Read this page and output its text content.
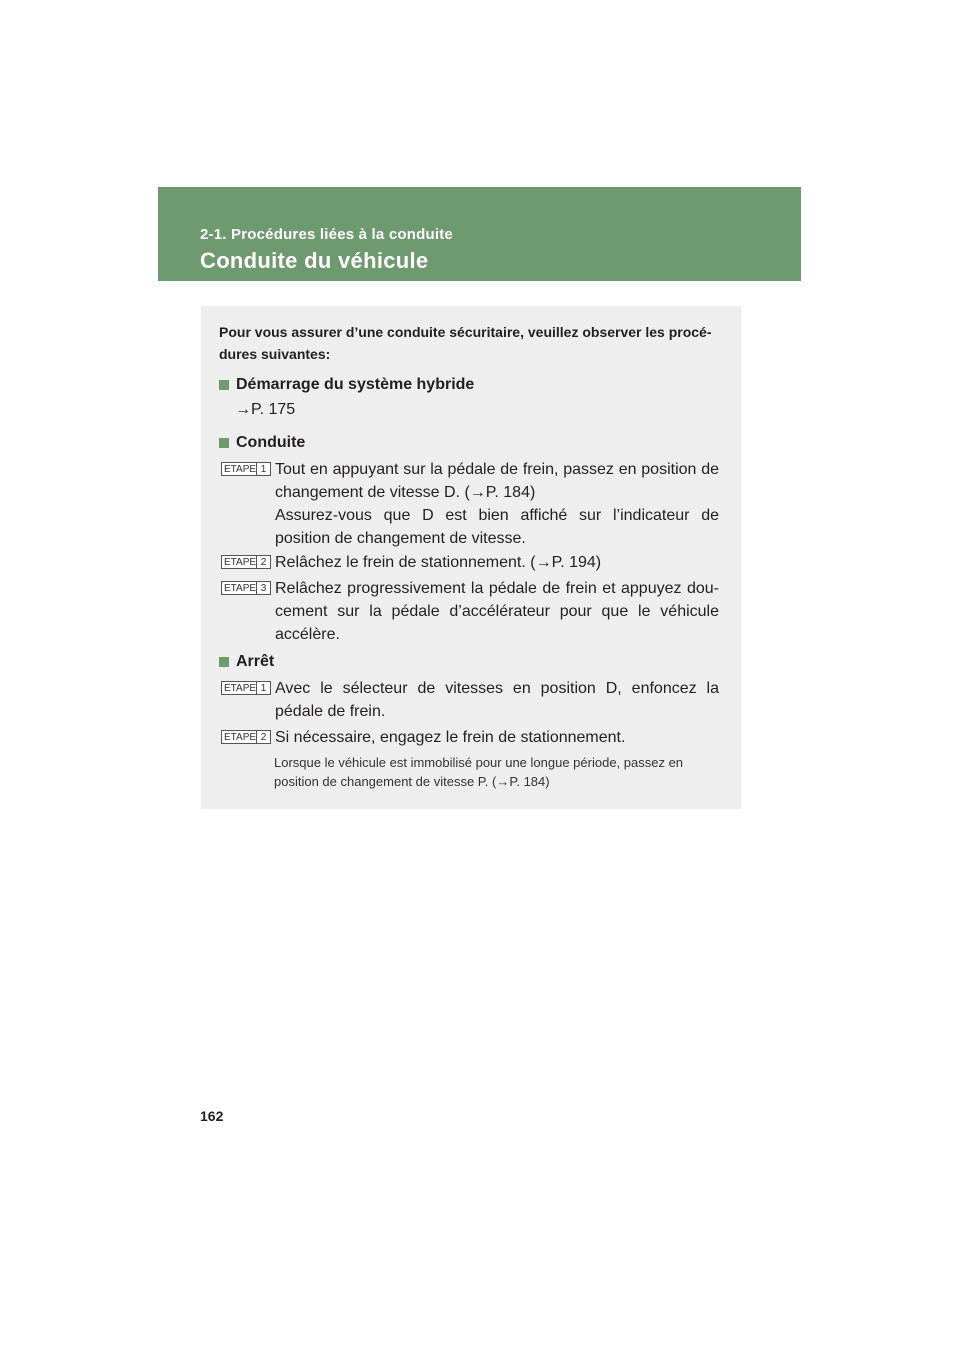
2-1. Procédures liées à la conduite
Conduite du véhicule
Pour vous assurer d’une conduite sécuritaire, veuillez observer les procé-dures suivantes:
Démarrage du système hybride
→P. 175
Conduite
ETAPE 1 Tout en appuyant sur la pédale de frein, passez en position de changement de vitesse D. (→P. 184)
Assurez-vous que D est bien affiché sur l’indicateur de position de changement de vitesse.
ETAPE 2 Relâchez le frein de stationnement. (→P. 194)
ETAPE 3 Relâchez progressivement la pédale de frein et appuyez dou-cement sur la pédale d’accélérateur pour que le véhicule accélère.
Arrêt
ETAPE 1 Avec le sélecteur de vitesses en position D, enfoncez la pédale de frein.
ETAPE 2 Si nécessaire, engagez le frein de stationnement.
Lorsque le véhicule est immobilisé pour une longue période, passez en position de changement de vitesse P. (→P. 184)
162
